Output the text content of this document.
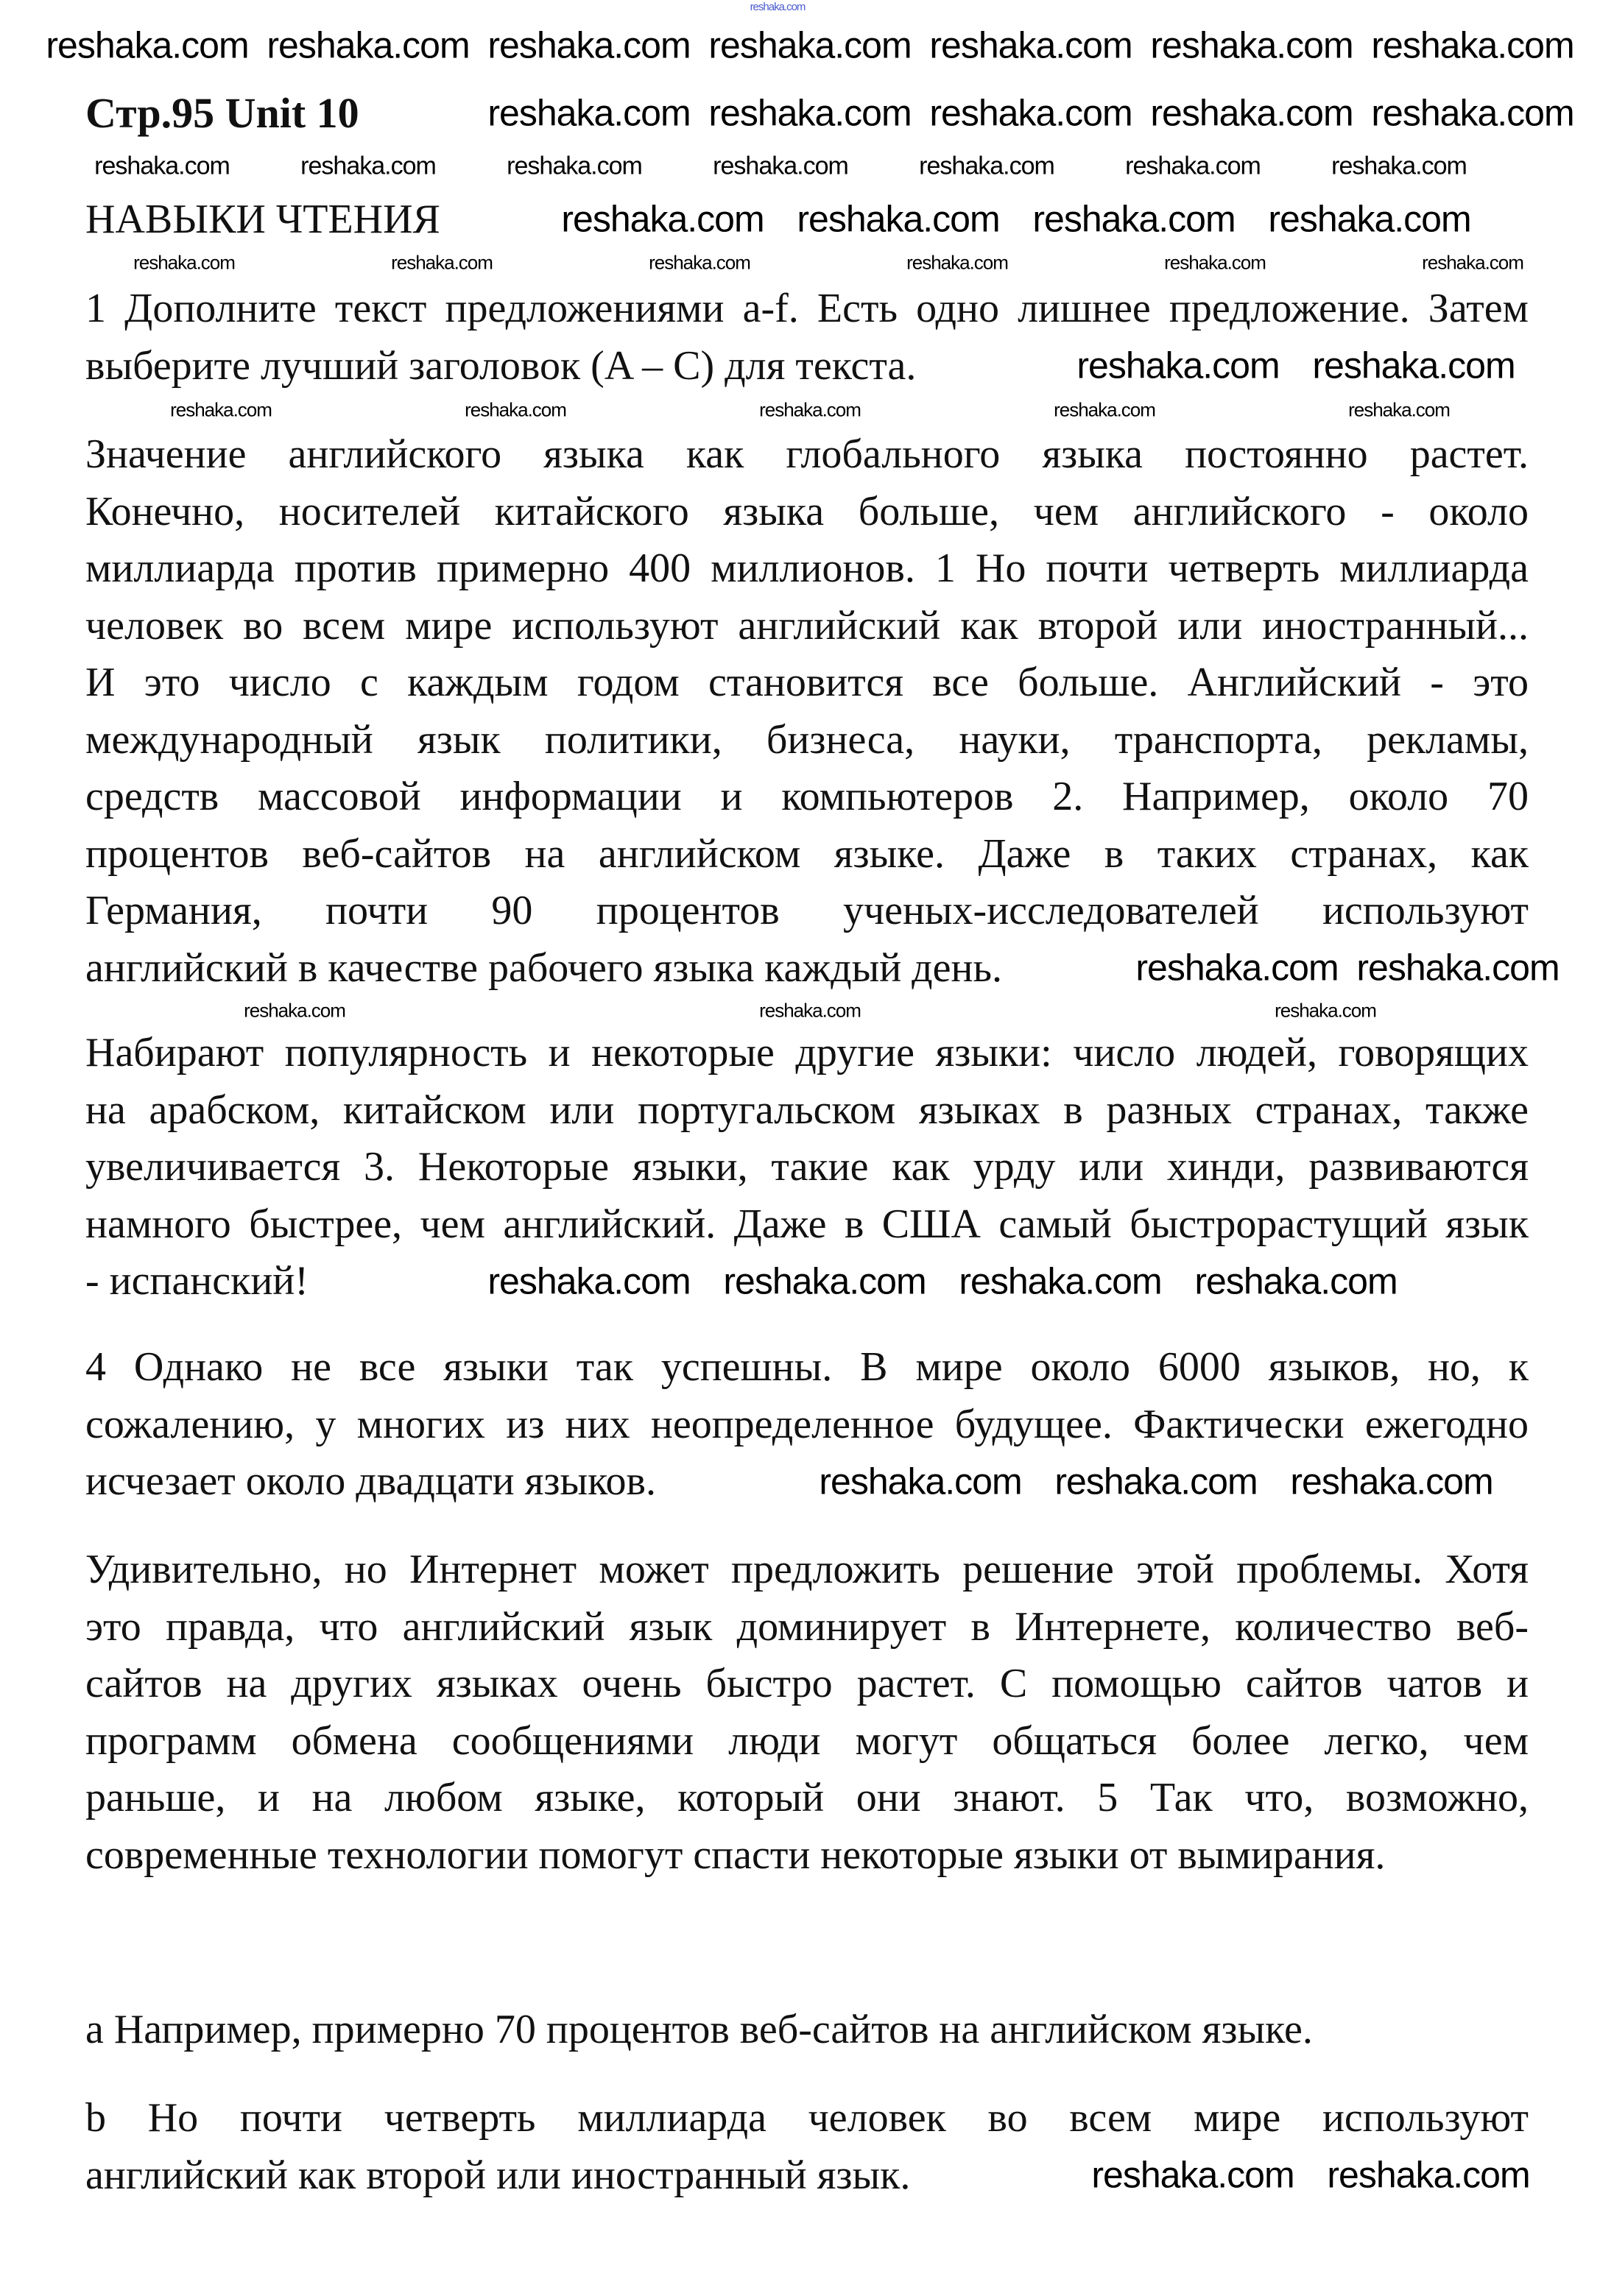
Стр.95 Unit 10
НАВЫКИ ЧТЕНИЯ
1 Дополните текст предложениями a-f. Есть одно лишнее предложение. Затем
выберите лучший заголовок (A – C) для текста.
Значение английского языка как глобального языка постоянно растет.
Конечно, носителей китайского языка больше, чем английского - около
миллиарда против примерно 400 миллионов. 1 Но почти четверть миллиарда
человек во всем мире используют английский как второй или иностранный...
И это число с каждым годом становится все больше. Английский - это
международный язык политики, бизнеса, науки, транспорта, рекламы,
средств массовой информации и компьютеров 2. Например, около 70
процентов веб-сайтов на английском языке. Даже в таких странах, как
Германия, почти 90 процентов ученых-исследователей используют
английский в качестве рабочего языка каждый день.
Набирают популярность и некоторые другие языки: число людей, говорящих
на арабском, китайском или португальском языках в разных странах, также
увеличивается 3. Некоторые языки, такие как урду или хинди, развиваются
намного быстрее, чем английский. Даже в США самый быстрорастущий язык
- испанский!
4 Однако не все языки так успешны. В мире около 6000 языков, но, к
сожалению, у многих из них неопределенное будущее. Фактически ежегодно
исчезает около двадцати языков.
Удивительно, но Интернет может предложить решение этой проблемы. Хотя
это правда, что английский язык доминирует в Интернете, количество веб-
сайтов на других языках очень быстро растет. С помощью сайтов чатов и
программ обмена сообщениями люди могут общаться более легко, чем
раньше, и на любом языке, который они знают. 5 Так что, возможно,
современные технологии помогут спасти некоторые языки от вымирания.
a Например, примерно 70 процентов веб-сайтов на английском языке.
b Но почти четверть миллиарда человек во всем мире используют
английский как второй или иностранный язык.
reshaka.com
reshaka.com reshaka.com reshaka.com reshaka.com reshaka.com reshaka.com reshaka.com
reshaka.com reshaka.com reshaka.com reshaka.com reshaka.com
reshaka.com	reshaka.com	reshaka.com	reshaka.com	reshaka.com	reshaka.com	reshaka.com
reshaka.com reshaka.com reshaka.com reshaka.com
reshaka.com	reshaka.com	reshaka.com	reshaka.com	reshaka.com	reshaka.com
reshaka.com reshaka.com
reshaka.com	reshaka.com	reshaka.com	reshaka.com	reshaka.com
reshaka.com reshaka.com
reshaka.com	reshaka.com	reshaka.com
reshaka.com reshaka.com reshaka.com reshaka.com
reshaka.com reshaka.com reshaka.com
reshaka.com reshaka.com
